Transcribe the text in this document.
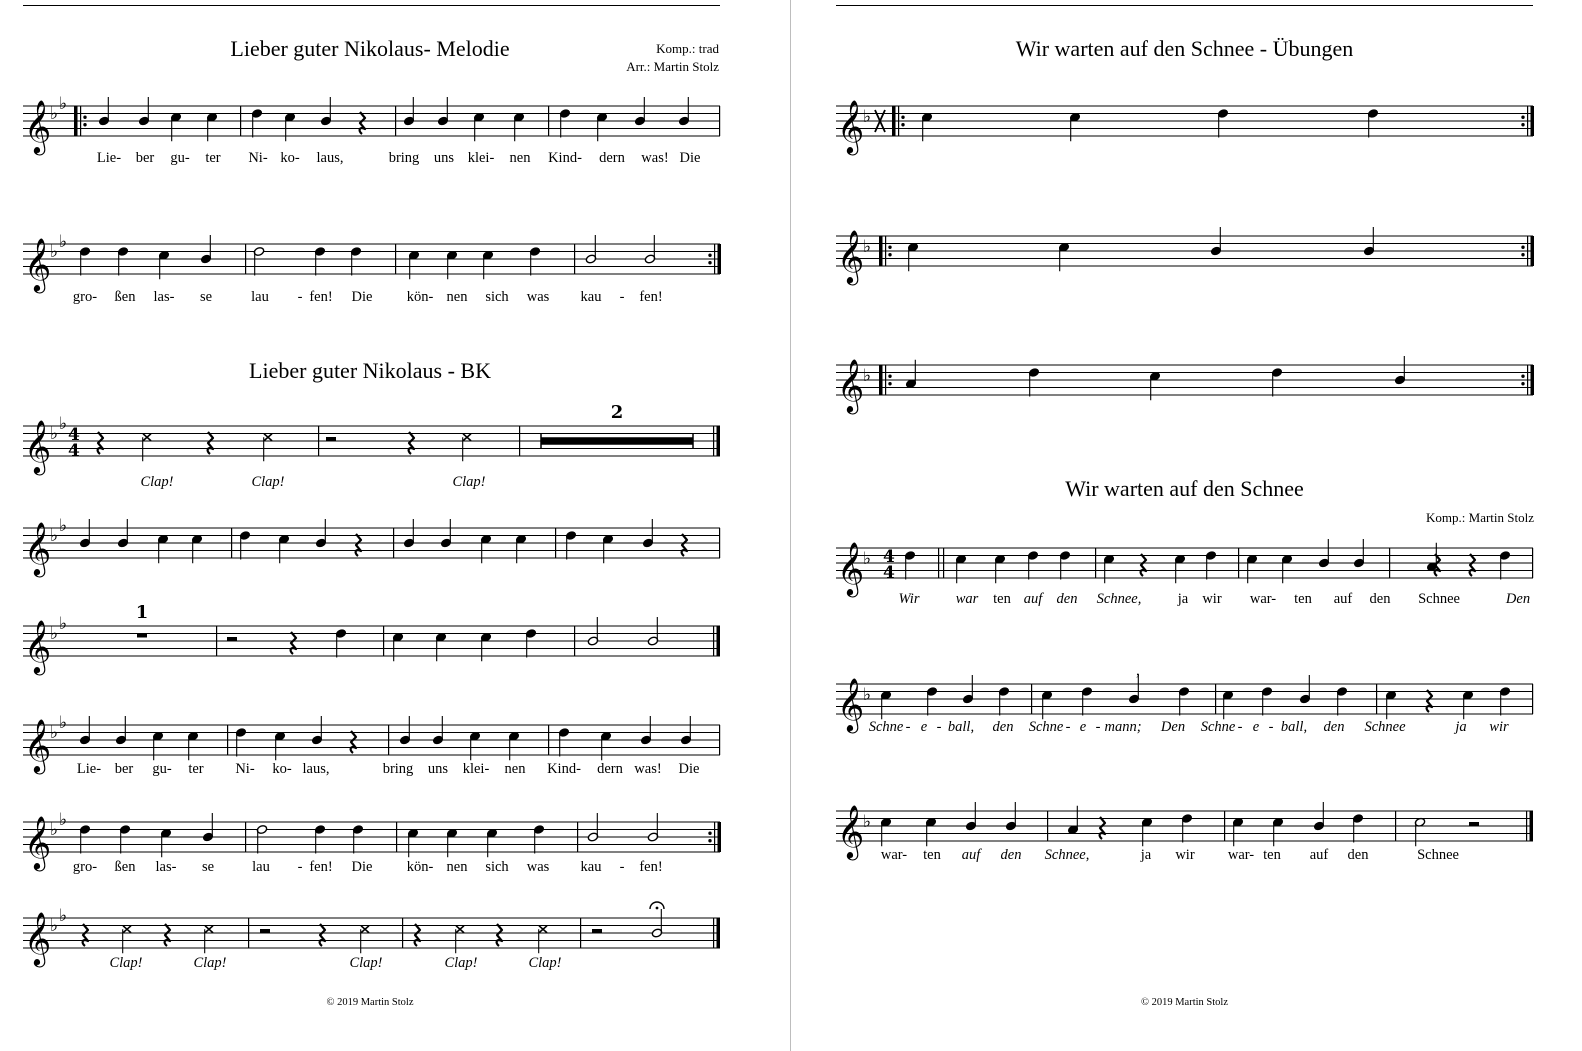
Lieber guter Nikolaus- Melodie	Komp.: trad
Arr.: Martin Stolz
Lieber guter Nikolaus - BK
© 2019 Martin Stolz
𝄞
♭ ♭
Lie- ber gu- ter Ni- ko- laus,	bring uns klei- nen Kind- dern was! Die
𝄞
♭ ♭
gro- ßen las- se	lau - fen! Die kön- nen sich was kau - fen!
𝄞
♭ ♭
4
4
2
Clap!	Clap!	Clap!
𝄞
♭ ♭
𝄞
♭ ♭
1
𝄞
♭ ♭
Lie- ber gu- ter Ni- ko- laus,	bring uns klei- nen Kind- dern was! Die
𝄞
♭ ♭
gro- ßen las- se	lau - fen! Die kön- nen sich was kau - fen!
𝄞
♭ ♭
Clap!	Clap!	Clap!	Clap!	Clap!
Wir warten auf den Schnee - Übungen
Wir warten auf den Schnee
Komp.: Martin Stolz
© 2019 Martin Stolz
𝄞
♭
𝄞
♭
𝄞
♭
𝄞
♭ 4
4
Wir war ten auf den Schnee,	ja wir war- ten auf den Schnee	Den
𝄞
♭
,
Schne - e - ball, den Schne - e - mann; Den Schne - e - ball, den Schnee	ja wir
𝄞
♭
war- ten auf den Schnee,	ja wir war- ten auf den	Schnee
